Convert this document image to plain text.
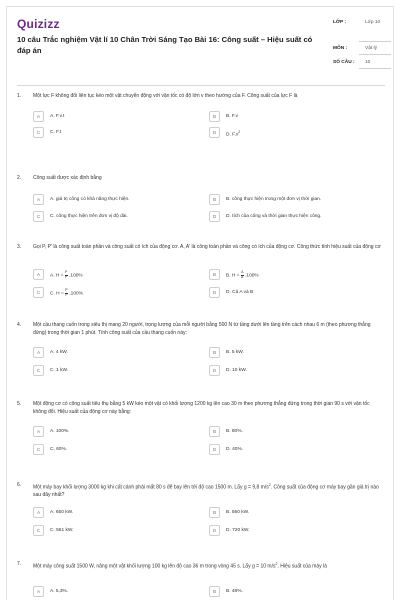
Quizizz
10 câu Trắc nghiệm Vật lí 10 Chân Trời Sáng Tạo Bài 16: Công suất – Hiệu suất có đáp án
LỚP :	Lớp 10
MÔN :	Vật lý
SỐ CÂU :	10
1. Một lực F không đổi liên tục kéo một vật chuyển động với vận tốc có độ lớn v theo hướng của F. Công suất của lực F là
A	A. F.v.t	B	B. F.v
C	C. F.t	D
D. $F.v^2$
2. Công suất được xác định bằng
A	A. giá trị công có khả năng thực hiện.	B	B. công thực hiện trong một đơn vị thời gian.
C	C. công thực hiện trên đơn vị độ dài.	D	D. tích của công và thời gian thực hiện công.
3. Gọi P, P' là công suất toàn phần và công suất có ích của động cơ. A, A' là công toàn phần và công có ích của động cơ. Công thức tính hiệu suất của động cơ
A	A. $H = \frac{P}{P'} .100\%$	B	B. $H = \frac{A}{A'} .100\%$
C	C. $H = \frac{P'}{P} .100\%$	D	D. Cả A và B
4. Một cầu thang cuốn trong siêu thị mang 20 người, trọng lượng của mỗi người bằng 500 N từ tầng dưới lên tầng trên cách nhau 6 m (theo phương thẳng đứng) trong thời gian 1 phút. Tính công suất của cầu thang cuốn này:
A	A. 4 kW.	B	B. 5 kW.
C	C. 1 kW.	D	D. 10 kW.
5. Một động cơ có công suất tiêu thụ bằng 5 kW kéo một vật có khối lượng 1200 kg lên cao 30 m theo phương thẳng đứng trong thời gian 90 s với vận tốc không đổi. Hiệu suất của động cơ này bằng:
A	A. 100%.	B	B. 80%.
C	C. 60%.	D	D. 40%.
6. Một máy bay khối lượng 3000 kg khi cất cánh phải mất 80 s để bay lên tới độ cao 1500 m. Lấy g = 9,8 $m/s^2$. Công suất của động cơ máy bay gần giá trị nào sau đây nhất?
A	A. 650 kW.	B	B. 560 kW.
C	C. 551 kW.	D	D. 720 kW.
7. Một máy công suất 1500 W, nâng một vật khối lượng 100 kg lên độ cao 36 m trong vòng 45 s. Lấy g = 10 $m/s^2$. Hiệu suất của máy là
A	A. 5,3%.	B	B. 48%.
